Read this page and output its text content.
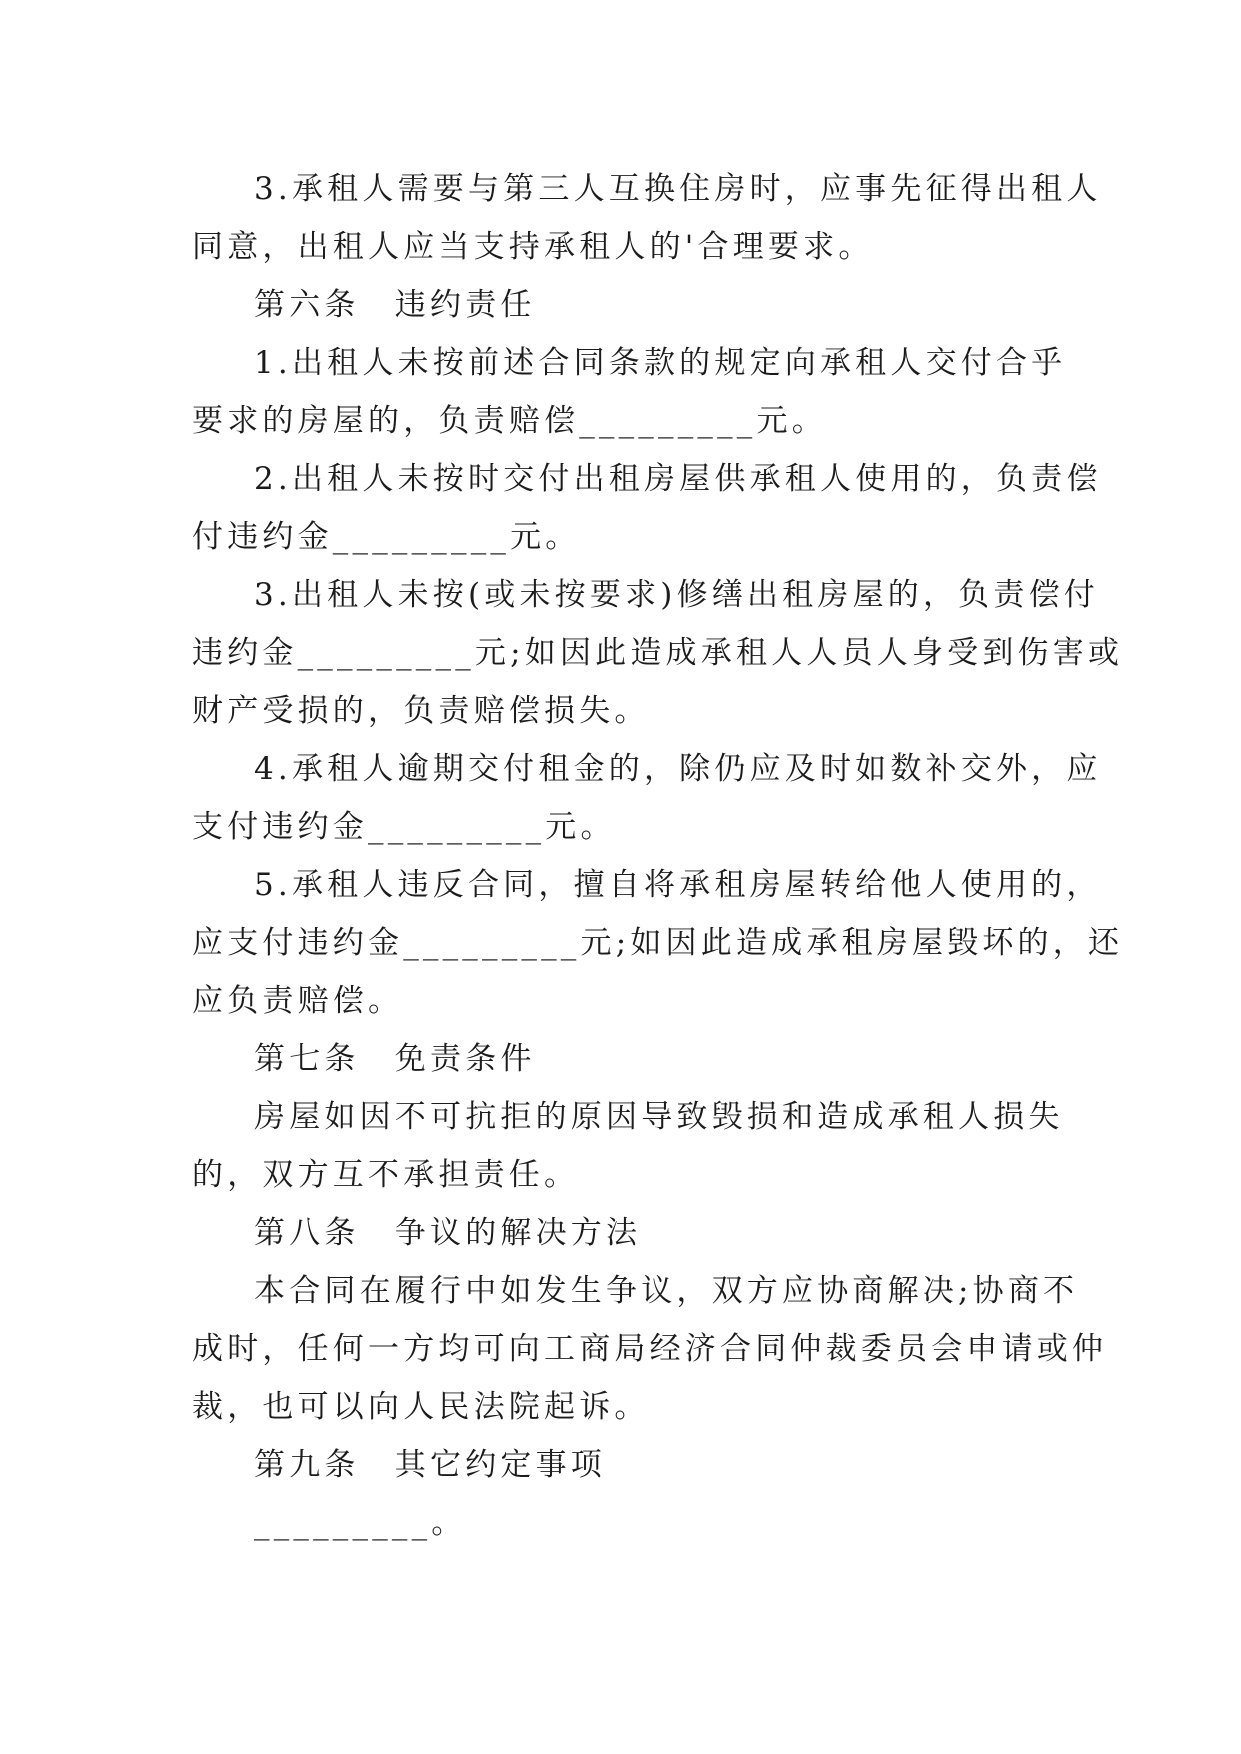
3.承租人需要与第三人互换住房时，应事先征得出租人
同意，出租人应当支持承租人的'合理要求。
第六条　违约责任
1.出租人未按前述合同条款的规定向承租人交付合乎
要求的房屋的，负责赔偿_________元。
2.出租人未按时交付出租房屋供承租人使用的，负责偿
付违约金_________元。
3.出租人未按(或未按要求)修缮出租房屋的，负责偿付
违约金_________元;如因此造成承租人人员人身受到伤害或
财产受损的，负责赔偿损失。
4.承租人逾期交付租金的，除仍应及时如数补交外，应
支付违约金_________元。
5.承租人违反合同，擅自将承租房屋转给他人使用的，
应支付违约金_________元;如因此造成承租房屋毁坏的，还
应负责赔偿。
第七条　免责条件
房屋如因不可抗拒的原因导致毁损和造成承租人损失
的，双方互不承担责任。
第八条　争议的解决方法
本合同在履行中如发生争议，双方应协商解决;协商不
成时，任何一方均可向工商局经济合同仲裁委员会申请或仲
裁，也可以向人民法院起诉。
第九条　其它约定事项
_________。
